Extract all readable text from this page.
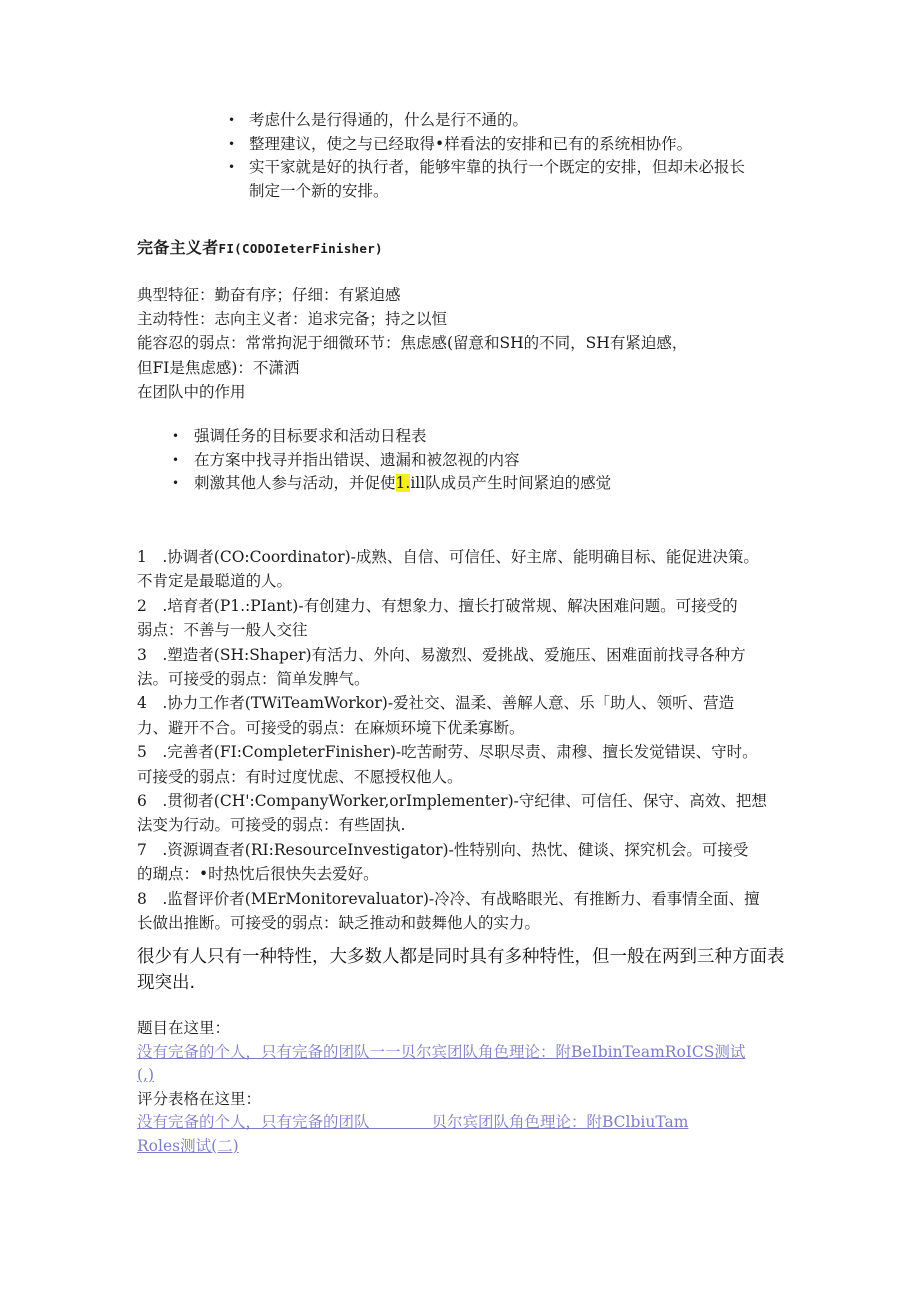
• 考虑什么是行得通的，什么是行不通的。
• 整理建议，使之与已经取得•样看法的安排和已有的系统相协作。
• 实干家就是好的执行者，能够牢靠的执行一个既定的安排，但却未必报长
制定一个新的安排。
完备主义者FI(CODOIeterFinisher)

典型特征：勤奋有序；仔细：有紧迫感

主动特性：志向主义者：追求完备；持之以恒

能容忍的弱点：常常拘泥于细微环节：焦虑感(留意和SH的不同，SH有紧迫感，

但FI是焦虑感)：不潇洒

在团队中的作用

• 强调任务的目标要求和活动日程表
• 在方案中找寻并指出错误、遗漏和被忽视的内容
• 刺激其他人参与活动，并促使1.ill队成员产生时间紧迫的感觉

1　.协调者(CO:Coordinator)-成熟、自信、可信任、好主席、能明确目标、能促进决策。

不肯定是最聪道的人。

2　.培育者(P1.:PIant)-有创建力、有想象力、擅长打破常规、解决困难问题。可接受的

弱点：不善与一般人交往

3　.塑造者(SH:Shaper)有活力、外向、易激烈、爱挑战、爱施压、困难面前找寻各种方

法。可接受的弱点：简单发脾气。

4　.协力工作者(TWiTeamWorkor)-爱社交、温柔、善解人意、乐「助人、领听、营造

力、避开不合。可接受的弱点：在麻烦环境下优柔寡断。

5　.完善者(FI:CompleterFinisher)-吃苦耐劳、尽职尽责、肃穆、擅长发觉错误、守时。

可接受的弱点：有时过度忧虑、不愿授权他人。

6　.贯彻者(CH':CompanyWorker,orImplementer)-守纪律、可信任、保守、高效、把想

法变为行动。可接受的弱点：有些固执.

7　.资源调查者(RI:ResourceInvestigator)-性特别向、热忱、健谈、探究机会。可接受

的瑚点：•时热忱后很快失去爱好。

8　.监督评价者(MErMonitorevaluator)-冷冷、有战略眼光、有推断力、看事情全面、擅

长做出推断。可接受的弱点：缺乏推动和鼓舞他人的实力。

很少有人只有一种特性，大多数人都是同时具有多种特性，但一般在两到三种方面表现突出.

题目在这里：

没有完备的个人，只有完备的团队一一贝尔宾团队角色理论：附BeIbinTeamRoICS测试

(,)

评分表格在这里：

没有完备的个人，只有完备的团队　　　　贝尔宾团队角色理论：附BClbiuTam

Roles测试(二)
